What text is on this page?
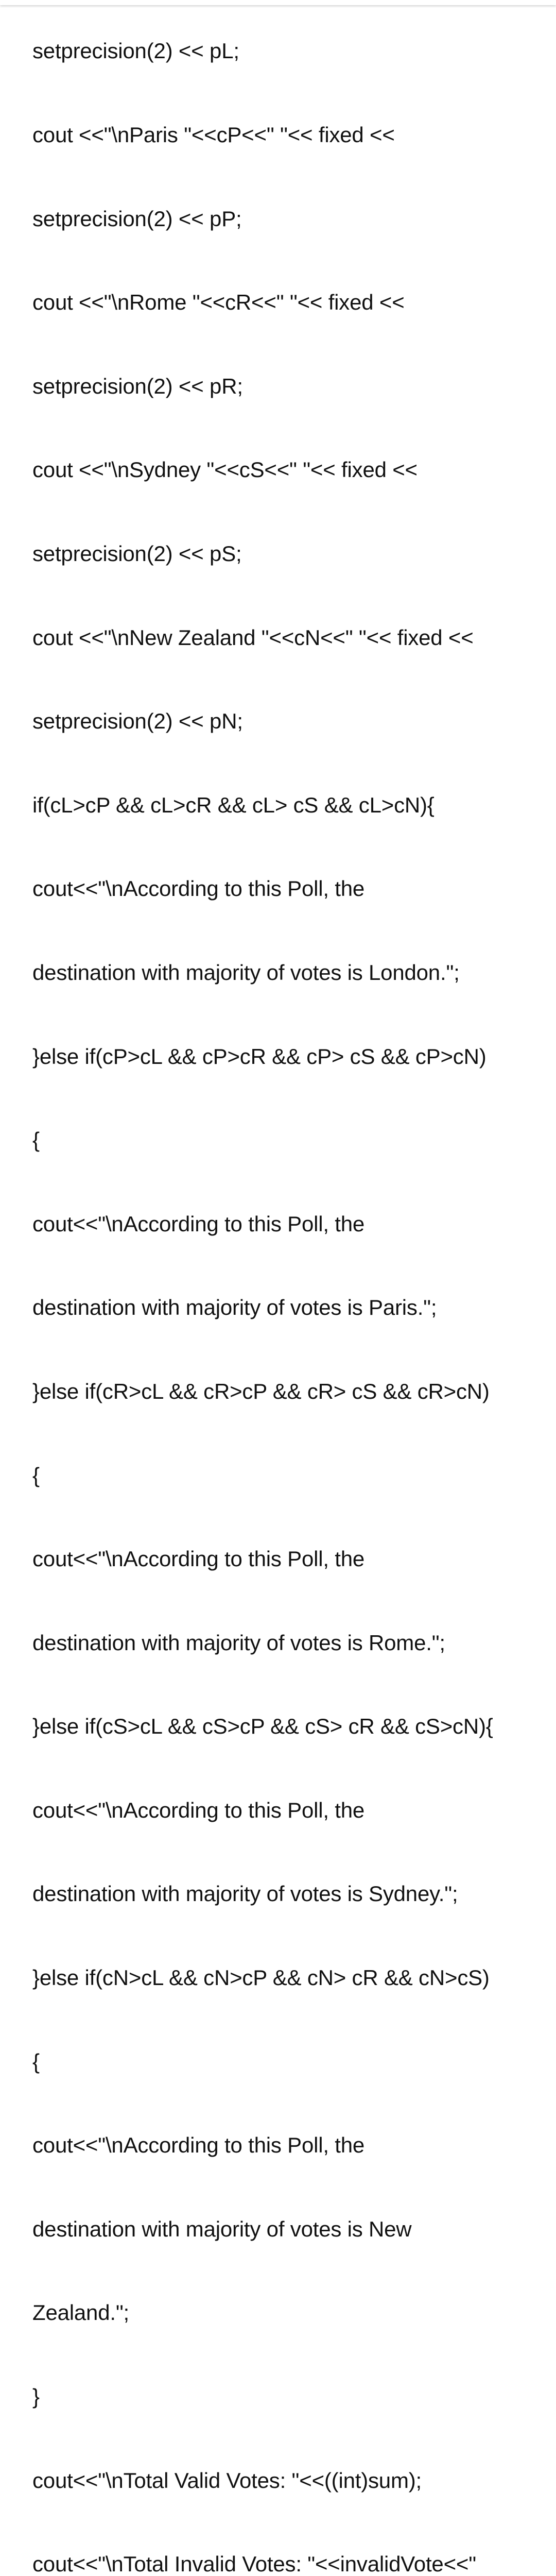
setprecision(2) << pL;

cout <<"\nParis "<<cP<<" "<< fixed <<

setprecision(2) << pP;

cout <<"\nRome "<<cR<<" "<< fixed <<

setprecision(2) << pR;

cout <<"\nSydney "<<cS<<" "<< fixed <<

setprecision(2) << pS;

cout <<"\nNew Zealand "<<cN<<" "<< fixed <<

setprecision(2) << pN;

if(cL>cP && cL>cR && cL> cS && cL>cN){

cout<<"\nAccording to this Poll, the

destination with majority of votes is London.";

}else if(cP>cL && cP>cR && cP> cS && cP>cN)

{

cout<<"\nAccording to this Poll, the

destination with majority of votes is Paris.";

}else if(cR>cL && cR>cP && cR> cS && cR>cN)

{

cout<<"\nAccording to this Poll, the

destination with majority of votes is Rome.";

}else if(cS>cL && cS>cP && cS> cR && cS>cN){

cout<<"\nAccording to this Poll, the

destination with majority of votes is Sydney.";

}else if(cN>cL && cN>cP && cN> cR && cN>cS)

{

cout<<"\nAccording to this Poll, the

destination with majority of votes is New

Zealand.";

}

cout<<"\nTotal Valid Votes: "<<((int)sum);

cout<<"\nTotal Invalid Votes: "<<invalidVote<<"
